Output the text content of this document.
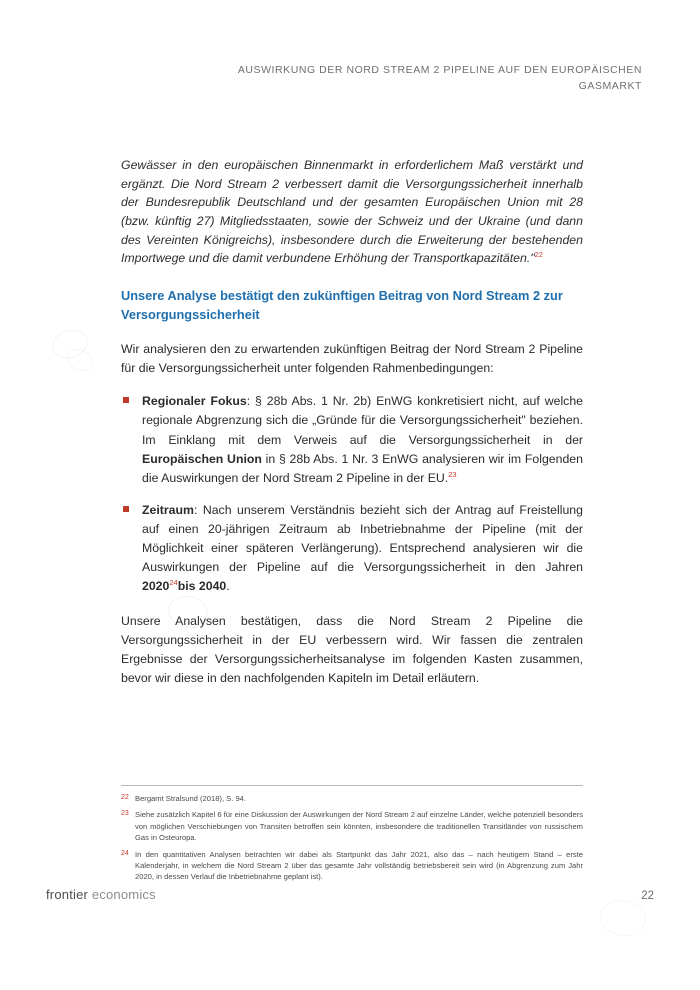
AUSWIRKUNG DER NORD STREAM 2 PIPELINE AUF DEN EUROPÄISCHEN
GASMARKT

Gewässer in den europäischen Binnenmarkt in erforderlichem Maß verstärkt und ergänzt. Die Nord Stream 2 verbessert damit die Versorgungssicherheit innerhalb der Bundesrepublik Deutschland und der gesamten Europäischen Union mit 28 (bzw. künftig 27) Mitgliedsstaaten, sowie der Schweiz und der Ukraine (und dann des Vereinten Königreichs), insbesondere durch die Erweiterung der bestehenden Importwege und die damit verbundene Erhöhung der Transportkapazitäten."$^{22}$

Unsere Analyse bestätigt den zukünftigen Beitrag von Nord Stream 2 zur Versorgungssicherheit

Wir analysieren den zu erwartenden zukünftigen Beitrag der Nord Stream 2 Pipeline für die Versorgungssicherheit unter folgenden Rahmenbedingungen:

Regionaler Fokus: § 28b Abs. 1 Nr. 2b) EnWG konkretisiert nicht, auf welche regionale Abgrenzung sich die „Gründe für die Versorgungssicherheit" beziehen. Im Einklang mit dem Verweis auf die Versorgungssicherheit in der Europäischen Union in § 28b Abs. 1 Nr. 3 EnWG analysieren wir im Folgenden die Auswirkungen der Nord Stream 2 Pipeline in der EU.$^{23}$
Zeitraum: Nach unserem Verständnis bezieht sich der Antrag auf Freistellung auf einen 20-jährigen Zeitraum ab Inbetriebnahme der Pipeline (mit der Möglichkeit einer späteren Verlängerung). Entsprechend analysieren wir die Auswirkungen der Pipeline auf die Versorgungssicherheit in den Jahren 2020$^{24}$bis 2040.

Unsere Analysen bestätigen, dass die Nord Stream 2 Pipeline die Versorgungssicherheit in der EU verbessern wird. Wir fassen die zentralen Ergebnisse der Versorgungssicherheitsanalyse im folgenden Kasten zusammen, bevor wir diese in den nachfolgenden Kapiteln im Detail erläutern.

22 Bergamt Stralsund (2018), S. 94.
23 Siehe zusätzlich Kapitel 6 für eine Diskussion der Auswirkungen der Nord Stream 2 auf einzelne Länder, welche potenziell besonders von möglichen Verschiebungen von Transiten betroffen sein könnten, insbesondere die traditionellen Transitländer von russischem Gas in Osteuropa.
24 In den quantitativen Analysen betrachten wir dabei als Startpunkt das Jahr 2021, also das – nach heutigem Stand – erste Kalenderjahr, in welchem die Nord Stream 2 über das gesamte Jahr vollständig betriebsbereit sein wird (in Abgrenzung zum Jahr 2020, in dessen Verlauf die Inbetriebnahme geplant ist).
frontier economics	22
